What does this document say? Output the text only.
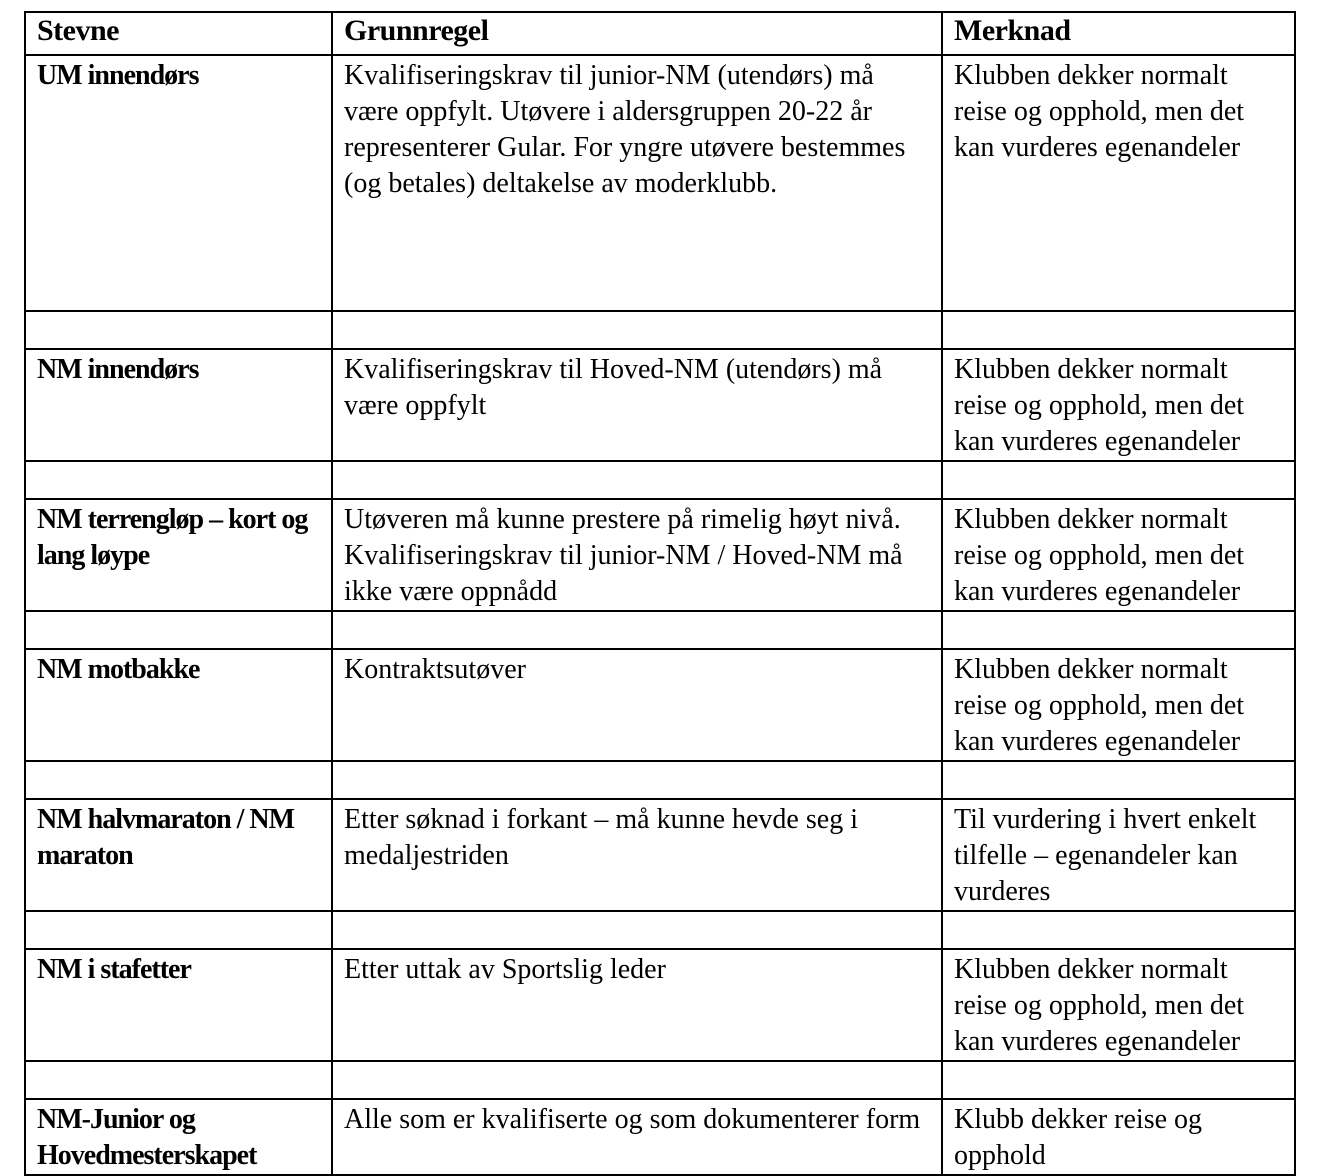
Stevne	Grunnregel	Merknad
UM innendørs	Kvalifiseringskrav til junior-NM (utendørs) må være oppfylt. Utøvere i aldersgruppen 20-22 år representerer Gular. For yngre utøvere bestemmes (og betales) deltakelse av moderklubb.	Klubben dekker normalt reise og opphold, men det kan vurderes egenandeler

NM innendørs	Kvalifiseringskrav til Hoved-NM (utendørs) må være oppfylt	Klubben dekker normalt reise og opphold, men det kan vurderes egenandeler

NM terrengløp – kort og lang løype	Utøveren må kunne prestere på rimelig høyt nivå. Kvalifiseringskrav til junior-NM / Hoved-NM må ikke være oppnådd	Klubben dekker normalt reise og opphold, men det kan vurderes egenandeler

NM motbakke	Kontraktsutøver	Klubben dekker normalt reise og opphold, men det kan vurderes egenandeler

NM halvmaraton / NM maraton	Etter søknad i forkant – må kunne hevde seg i medaljestriden	Til vurdering i hvert enkelt tilfelle – egenandeler kan vurderes

NM i stafetter	Etter uttak av Sportslig leder	Klubben dekker normalt reise og opphold, men det kan vurderes egenandeler

NM-Junior og Hovedmesterskapet	Alle som er kvalifiserte og som dokumenterer form	Klubb dekker reise og opphold
